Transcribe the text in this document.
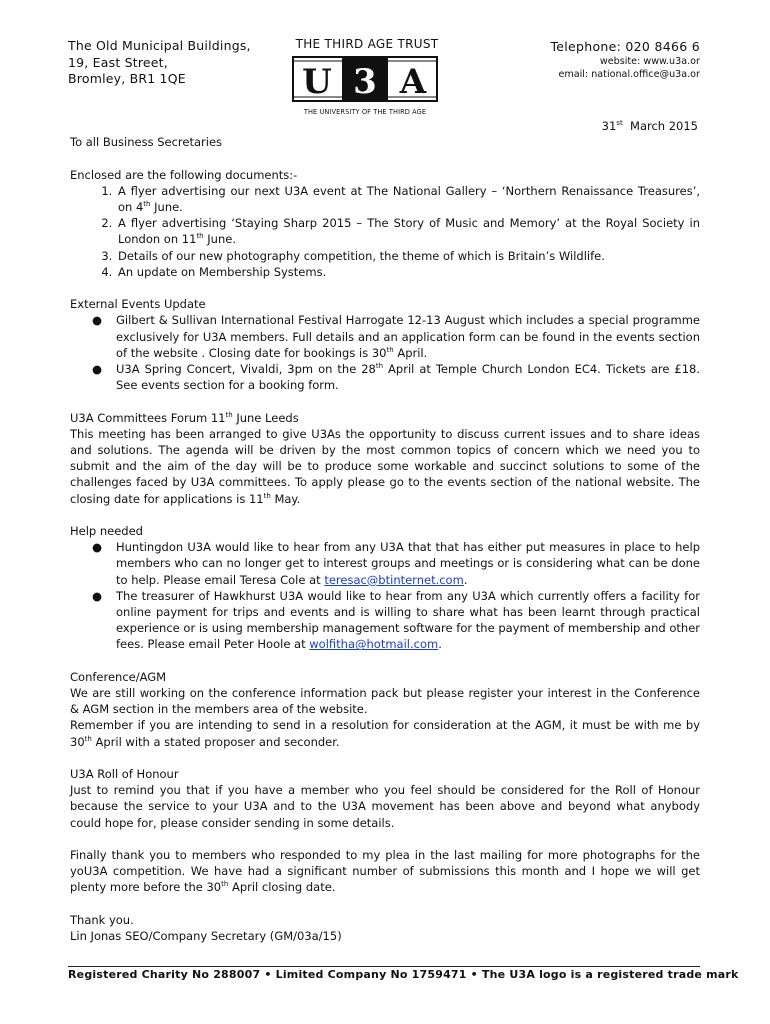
The Old Municipal Buildings,
19, East Street,
Bromley, BR1 1QE
THE THIRD AGE TRUST
U 3 A
THE UNIVERSITY OF THE THIRD AGE
Telephone: 020 8466 6
website: www.u3a.or
email: national.office@u3a.or
31st March 2015

To all Business Secretaries

Enclosed are the following documents:-

1. A flyer advertising our next U3A event at The National Gallery – ‘Northern Renaissance Treasures’, on 4th June.
2. A flyer advertising ‘Staying Sharp 2015 – The Story of Music and Memory’ at the Royal Society in London on 11th June.
3. Details of our new photography competition, the theme of which is Britain’s Wildlife.
4. An update on Membership Systems.

External Events Update

● Gilbert & Sullivan International Festival Harrogate 12-13 August which includes a special programme exclusively for U3A members. Full details and an application form can be found in the events section of the website . Closing date for bookings is 30th April.
● U3A Spring Concert, Vivaldi, 3pm on the 28th April at Temple Church London EC4. Tickets are £18. See events section for a booking form.

U3A Committees Forum 11th June Leeds

This meeting has been arranged to give U3As the opportunity to discuss current issues and to share ideas and solutions. The agenda will be driven by the most common topics of concern which we need you to submit and the aim of the day will be to produce some workable and succinct solutions to some of the challenges faced by U3A committees. To apply please go to the events section of the national website. The closing date for applications is 11th May.

Help needed

● Huntingdon U3A would like to hear from any U3A that that has either put measures in place to help members who can no longer get to interest groups and meetings or is considering what can be done to help. Please email Teresa Cole at teresac@btinternet.com.
● The treasurer of Hawkhurst U3A would like to hear from any U3A which currently offers a facility for online payment for trips and events and is willing to share what has been learnt through practical experience or is using membership management software for the payment of membership and other fees. Please email Peter Hoole at wolfitha@hotmail.com.

Conference/AGM

We are still working on the conference information pack but please register your interest in the Conference & AGM section in the members area of the website.

Remember if you are intending to send in a resolution for consideration at the AGM, it must be with me by 30th April with a stated proposer and seconder.

U3A Roll of Honour

Just to remind you that if you have a member who you feel should be considered for the Roll of Honour because the service to your U3A and to the U3A movement has been above and beyond what anybody could hope for, please consider sending in some details.

Finally thank you to members who responded to my plea in the last mailing for more photographs for the yoU3A competition. We have had a significant number of submissions this month and I hope we will get plenty more before the 30th April closing date.

Thank you.

Lin Jonas SEO/Company Secretary (GM/03a/15)

Registered Charity No 288007 • Limited Company No 1759471 • The U3A logo is a registered trade mark
